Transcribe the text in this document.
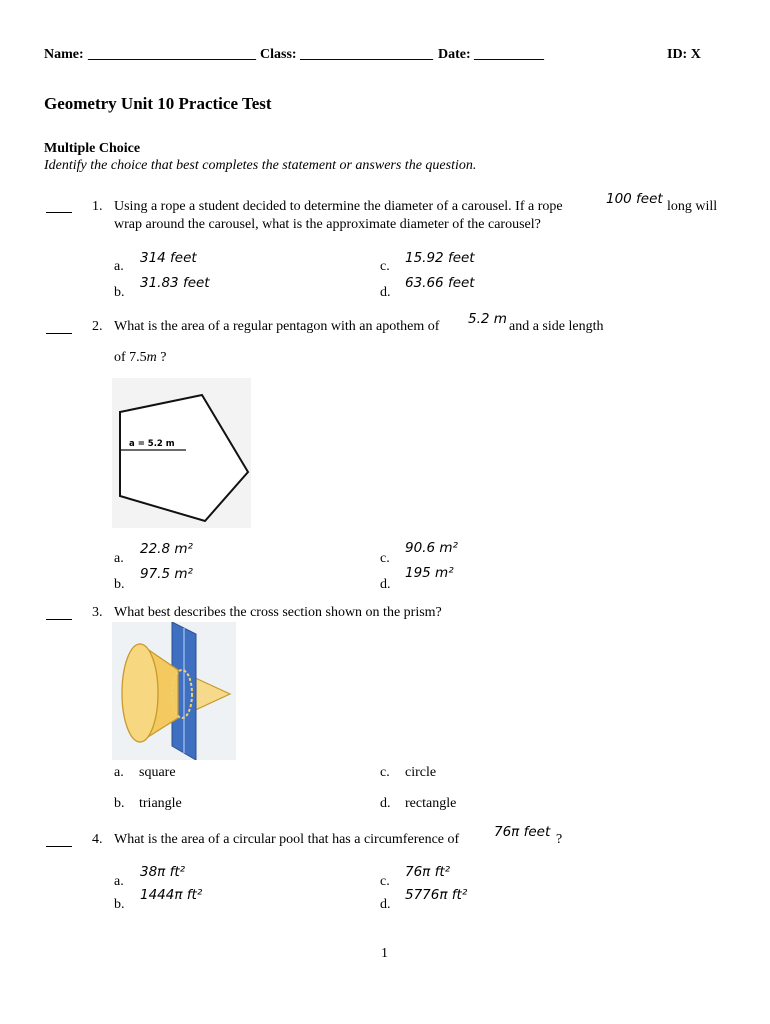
Name: ________________________ Class: ___________________ Date: __________	ID: X
Geometry Unit 10 Practice Test
Multiple Choice
Identify the choice that best completes the statement or answers the question.
1. Using a rope a student decided to determine the diameter of a carousel. If a rope	100 feet long will
wrap around the carousel, what is the approximate diameter of the carousel?
a.
314 feet
b.
31.83 feet
c.
15.92 feet
d.
63.66 feet
2. What is the area of a regular pentagon with an apothem of 5.2 m and a side length
of 7.5m ?
a = 5.2 m
a.
22.8 m²
b.
97.5 m²
c.
90.6 m²
d.
195 m²
3. What best describes the cross section shown on the prism?
a. square
b. triangle
c. circle
d. rectangle
4. What is the area of a circular pool that has a circumference of	76π feet ?
a.
38π ft²
b.
1444π ft²
c.
76π ft²
d.
5776π ft²
1
